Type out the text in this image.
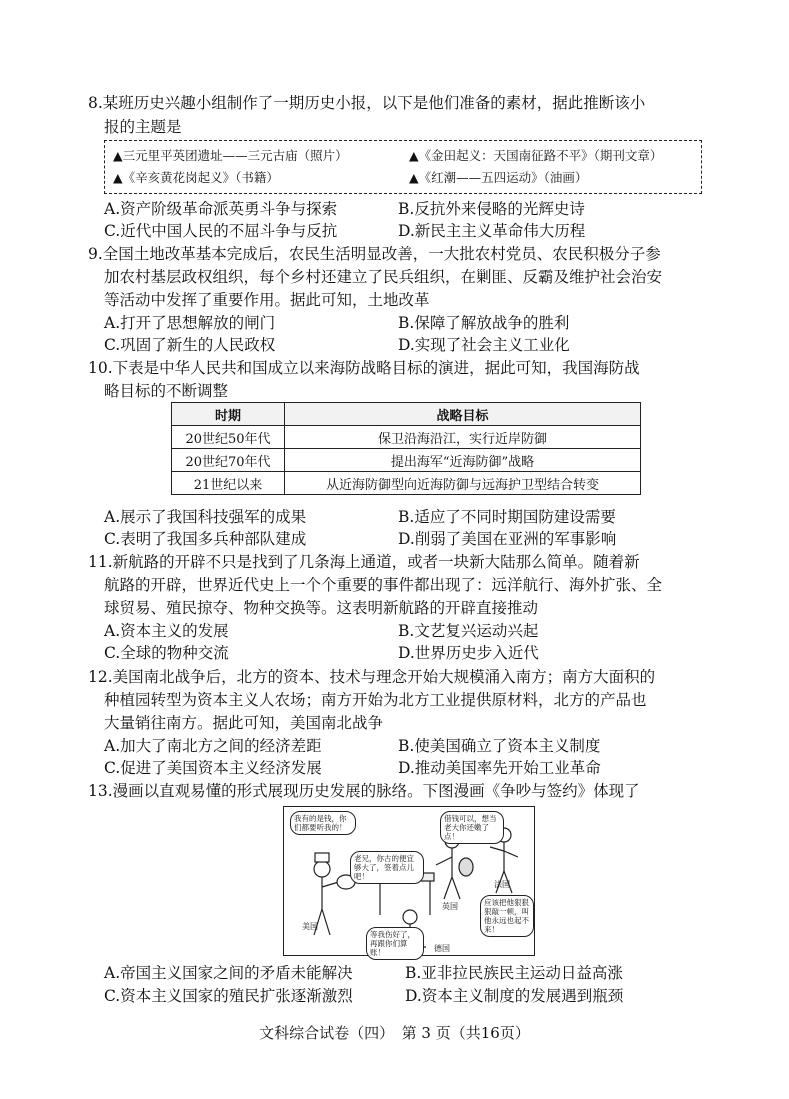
8.某班历史兴趣小组制作了一期历史小报，以下是他们准备的素材，据此推断该小
报的主题是
▲三元里平英团遗址——三元古庙（照片）	▲《金田起义：天国南征路不平》（期刊文章）
▲《辛亥黄花岗起义》（书籍）	▲《红潮——五四运动》（油画）
A.资产阶级革命派英勇斗争与探索	B.反抗外来侵略的光辉史诗
C.近代中国人民的不屈斗争与反抗	D.新民主主义革命伟大历程
9.全国土地改革基本完成后，农民生活明显改善，一大批农村党员、农民积极分子参
加农村基层政权组织，每个乡村还建立了民兵组织，在剿匪、反霸及维护社会治安
等活动中发挥了重要作用。据此可知，土地改革
A.打开了思想解放的闸门	B.保障了解放战争的胜利
C.巩固了新生的人民政权	D.实现了社会主义工业化
10.下表是中华人民共和国成立以来海防战略目标的演进，据此可知，我国海防战
略目标的不断调整
时期	战略目标
20世纪50年代	保卫沿海沿江，实行近岸防御
20世纪70年代	提出海军“近海防御”战略
21世纪以来	从近海防御型向近海防御与远海护卫型结合转变
A.展示了我国科技强军的成果	B.适应了不同时期国防建设需要
C.表明了我国多兵种部队建成	D.削弱了美国在亚洲的军事影响
11.新航路的开辟不只是找到了几条海上通道，或者一块新大陆那么简单。随着新
航路的开辟，世界近代史上一个个重要的事件都出现了：远洋航行、海外扩张、全
球贸易、殖民掠夺、物种交换等。这表明新航路的开辟直接推动
A.资本主义的发展	B.文艺复兴运动兴起
C.全球的物种交流	D.世界历史步入近代
12.美国南北战争后，北方的资本、技术与理念开始大规模涌入南方；南方大面积的
种植园转型为资本主义人农场；南方开始为北方工业提供原材料，北方的产品也
大量销往南方。据此可知，美国南北战争
A.加大了南北方之间的经济差距	B.使美国确立了资本主义制度
C.促进了美国资本主义经济发展	D.推动美国率先开始工业革命
13.漫画以直观易懂的形式展现历史发展的脉络。下图漫画《争吵与签约》体现了
我有的是钱，你们都要听我的！
借钱可以，想当老大你还嫩了点！
老兄，你古的便宜够大了，签着点儿吧！
应该把他狠狠狠敲一顿，叫他永远也起不来！
等我伤好了，再跟你们算账！
美国
英国
法国
德国
A.帝国主义国家之间的矛盾未能解决	B.亚非拉民族民主运动日益高涨
C.资本主义国家的殖民扩张逐渐激烈	D.资本主义制度的发展遇到瓶颈
文科综合试卷（四）　第 3 页（共16页）
